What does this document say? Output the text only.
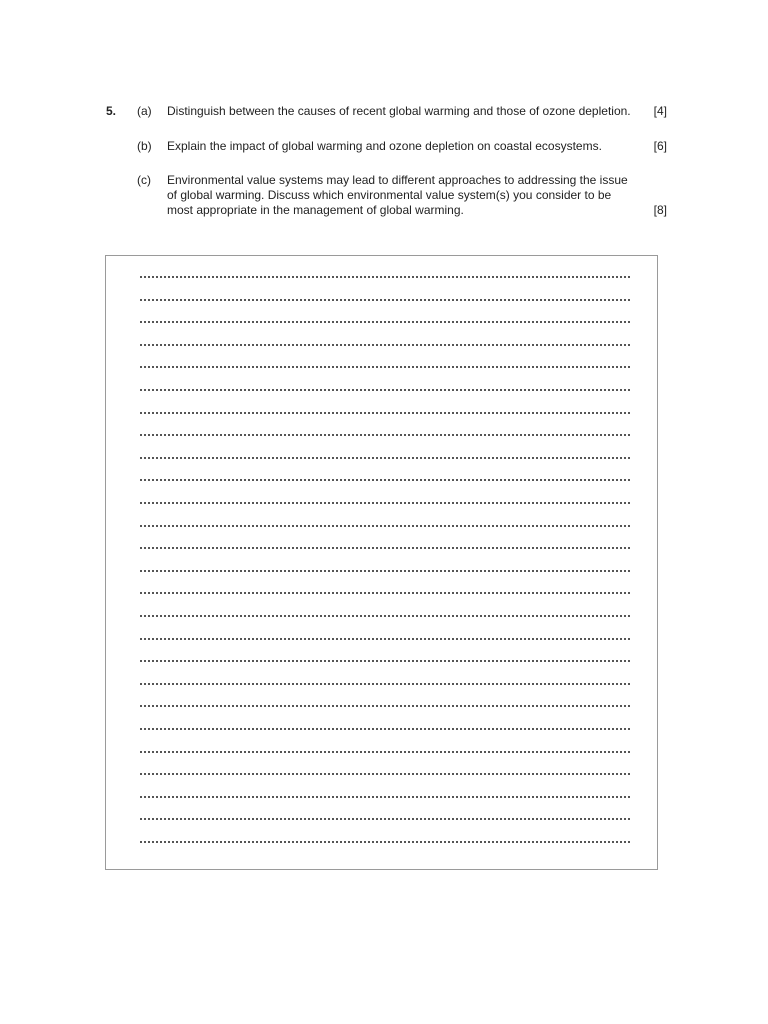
5. (a) Distinguish between the causes of recent global warming and those of ozone depletion.	[4]
(b) Explain the impact of global warming and ozone depletion on coastal ecosystems.	[6]
(c) Environmental value systems may lead to different approaches to addressing the issue of global warming. Discuss which environmental value system(s) you consider to be most appropriate in the management of global warming.	[8]
